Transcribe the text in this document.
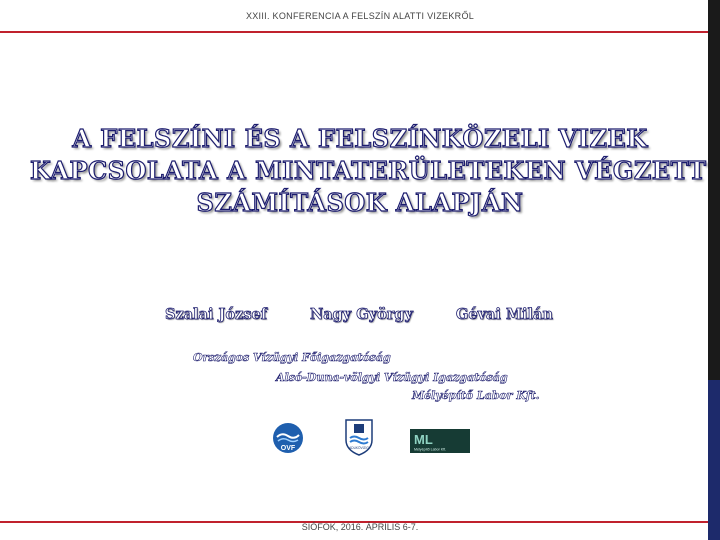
XXIII. KONFERENCIA A FELSZÍN ALATTI VIZEKRŐL
A FELSZÍNI ÉS A FELSZÍNKÖZELI VIZEK
KAPCSOLATA A MINTATERÜLETEKEN VÉGZETT
SZÁMÍTÁSOK ALAPJÁN
Szalai József	Nagy György	Gévai Milán
Országos Vízügyi Főigazgatóság
Alsó-Duna-völgyi Vízügyi Igazgatóság
Mélyépítő Labor Kft.
OVF	ADUKÖVIZIG
ML
Mélyépítő Labor Kft.
SIÓFOK, 2016. ÁPRILIS 6-7.
